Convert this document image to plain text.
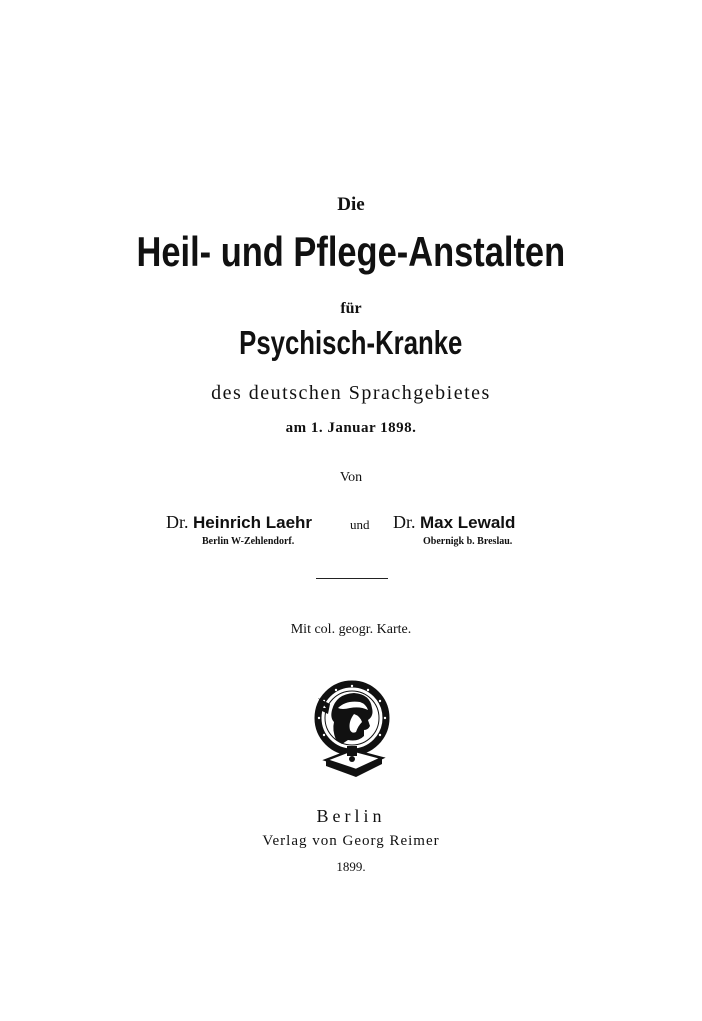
Die
Heil- und Pflege-Anstalten
für
Psychisch-Kranke
des deutschen Sprachgebietes
am 1. Januar 1898.
Von
Dr. Heinrich Laehr
Berlin W-Zehlendorf.
Dr. Max Lewald
Obernigk b. Breslau.
und
Mit col. geogr. Karte.
Berlin
Verlag von Georg Reimer
1899.
